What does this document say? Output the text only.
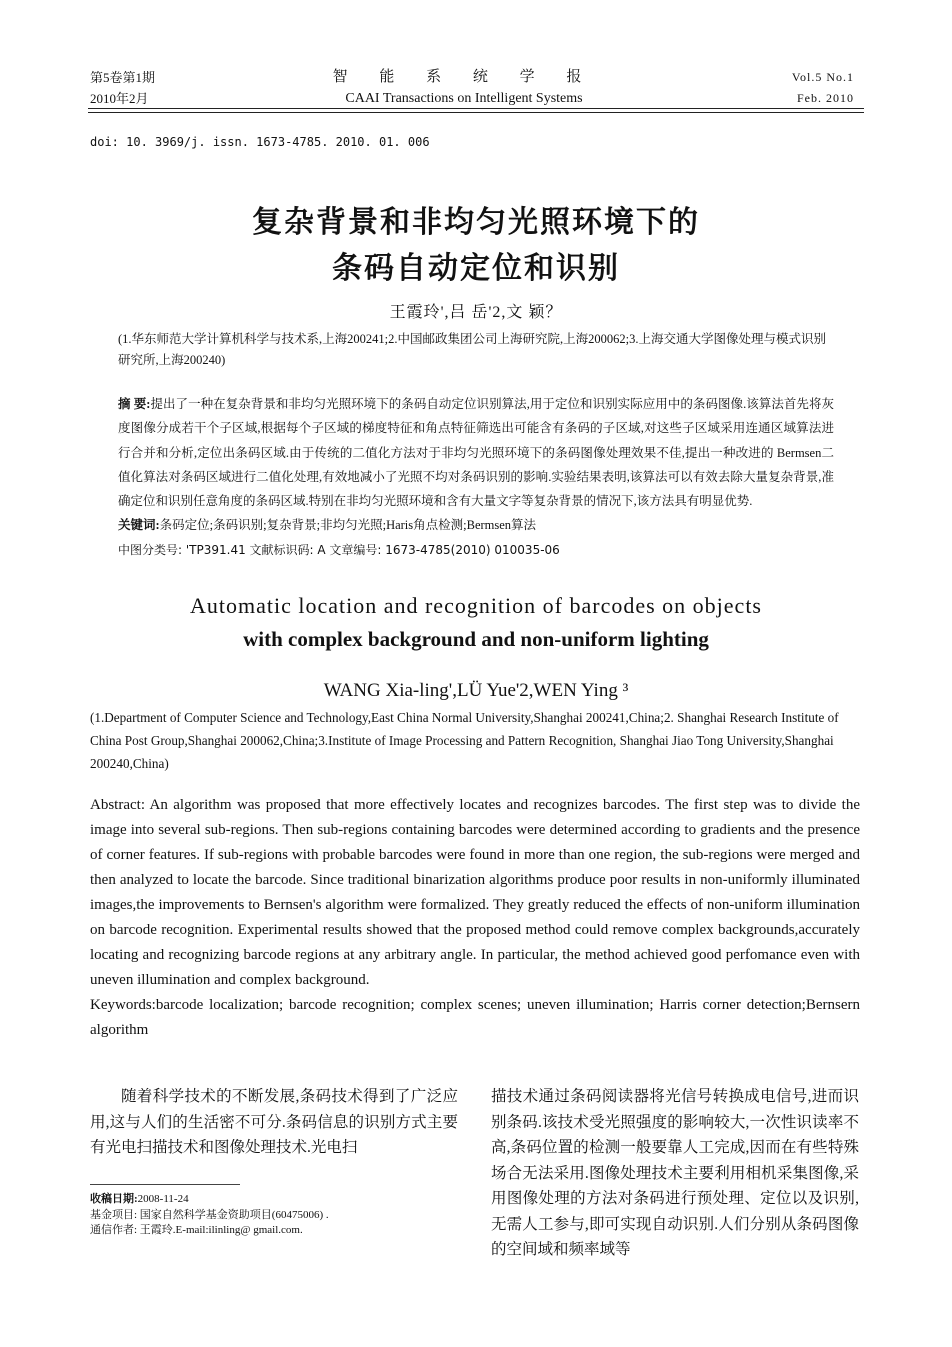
第5卷第1期
2010年2月
智 能 系 统 学 报
CAAI Transactions on Intelligent Systems
Vol.5 No.1
Feb. 2010
doi: 10. 3969/j. issn. 1673-4785. 2010. 01. 006
复杂背景和非均匀光照环境下的
条码自动定位和识别
王霞玲',吕 岳'2,文 颖？
(1.华东师范大学计算机科学与技术系,上海200241;2.中国邮政集团公司上海研究院,上海200062;3.上海交通大学图像处理与模式识别研究所,上海200240)
摘 要:提出了一种在复杂背景和非均匀光照环境下的条码自动定位识别算法,用于定位和识别实际应用中的条码图像.该算法首先将灰度图像分成若干个子区域,根据每个子区域的梯度特征和角点特征筛选出可能含有条码的子区域,对这些子区域采用连通区域算法进行合并和分析,定位出条码区域.由于传统的二值化方法对于非均匀光照环境下的条码图像处理效果不佳,提出一种改进的 Bermsen二值化算法对条码区域进行二值化处理,有效地减小了光照不均对条码识别的影响.实验结果表明,该算法可以有效去除大量复杂背景,准确定位和识别任意角度的条码区域.特别在非均匀光照环境和含有大量文字等复杂背景的情况下,该方法具有明显优势.
关键词:条码定位;条码识别;复杂背景;非均匀光照;Haris角点检测;Bermsen算法
中图分类号: 'TP391.41 文献标识码: A 文章编号: 1673-4785(2010) 010035-06
Automatic location and recognition of barcodes on objects
with complex background and non-uniform lighting
WANG Xia-ling',LÜ Yue'2,WEN Ying ³
(1.Department of Computer Science and Technology,East China Normal University,Shanghai 200241,China;2. Shanghai Research Institute of China Post Group,Shanghai 200062,China;3.Institute of Image Processing and Pattern Recognition, Shanghai Jiao Tong University,Shanghai 200240,China)
Abstract: An algorithm was proposed that more effectively locates and recognizes barcodes. The first step was to divide the image into several sub-regions. Then sub-regions containing barcodes were determined according to gradients and the presence of corner features. If sub-regions with probable barcodes were found in more than one region, the sub-regions were merged and then analyzed to locate the barcode. Since traditional binarization algorithms produce poor results in non-uniformly illuminated images,the improvements to Bernsen's algorithm were formalized. They greatly reduced the effects of non-uniform illumination on barcode recognition. Experimental results showed that the proposed method could remove complex backgrounds,accurately locating and recognizing barcode regions at any arbitrary angle. In particular, the method achieved good perfomance even with uneven illumination and complex background.
Keywords:barcode localization; barcode recognition; complex scenes; uneven illumination; Harris corner detection;Bernsern algorithm
随着科学技术的不断发展,条码技术得到了广泛应用,这与人们的生活密不可分.条码信息的识别方式主要有光电扫描技术和图像处理技术.光电扫
描技术通过条码阅读器将光信号转换成电信号,进而识别条码.该技术受光照强度的影响较大,一次性识读率不高,条码位置的检测一般要靠人工完成,因而在有些特殊场合无法采用.图像处理技术主要利用相机采集图像,采用图像处理的方法对条码进行预处理、定位以及识别,无需人工参与,即可实现自动识别.人们分别从条码图像的空间域和频率域等
收稿日期:2008-11-24
基金项目: 国家自然科学基金资助项目(60475006) .
通信作者: 王霞玲.E-mail:ilinling@ gmail.com.
